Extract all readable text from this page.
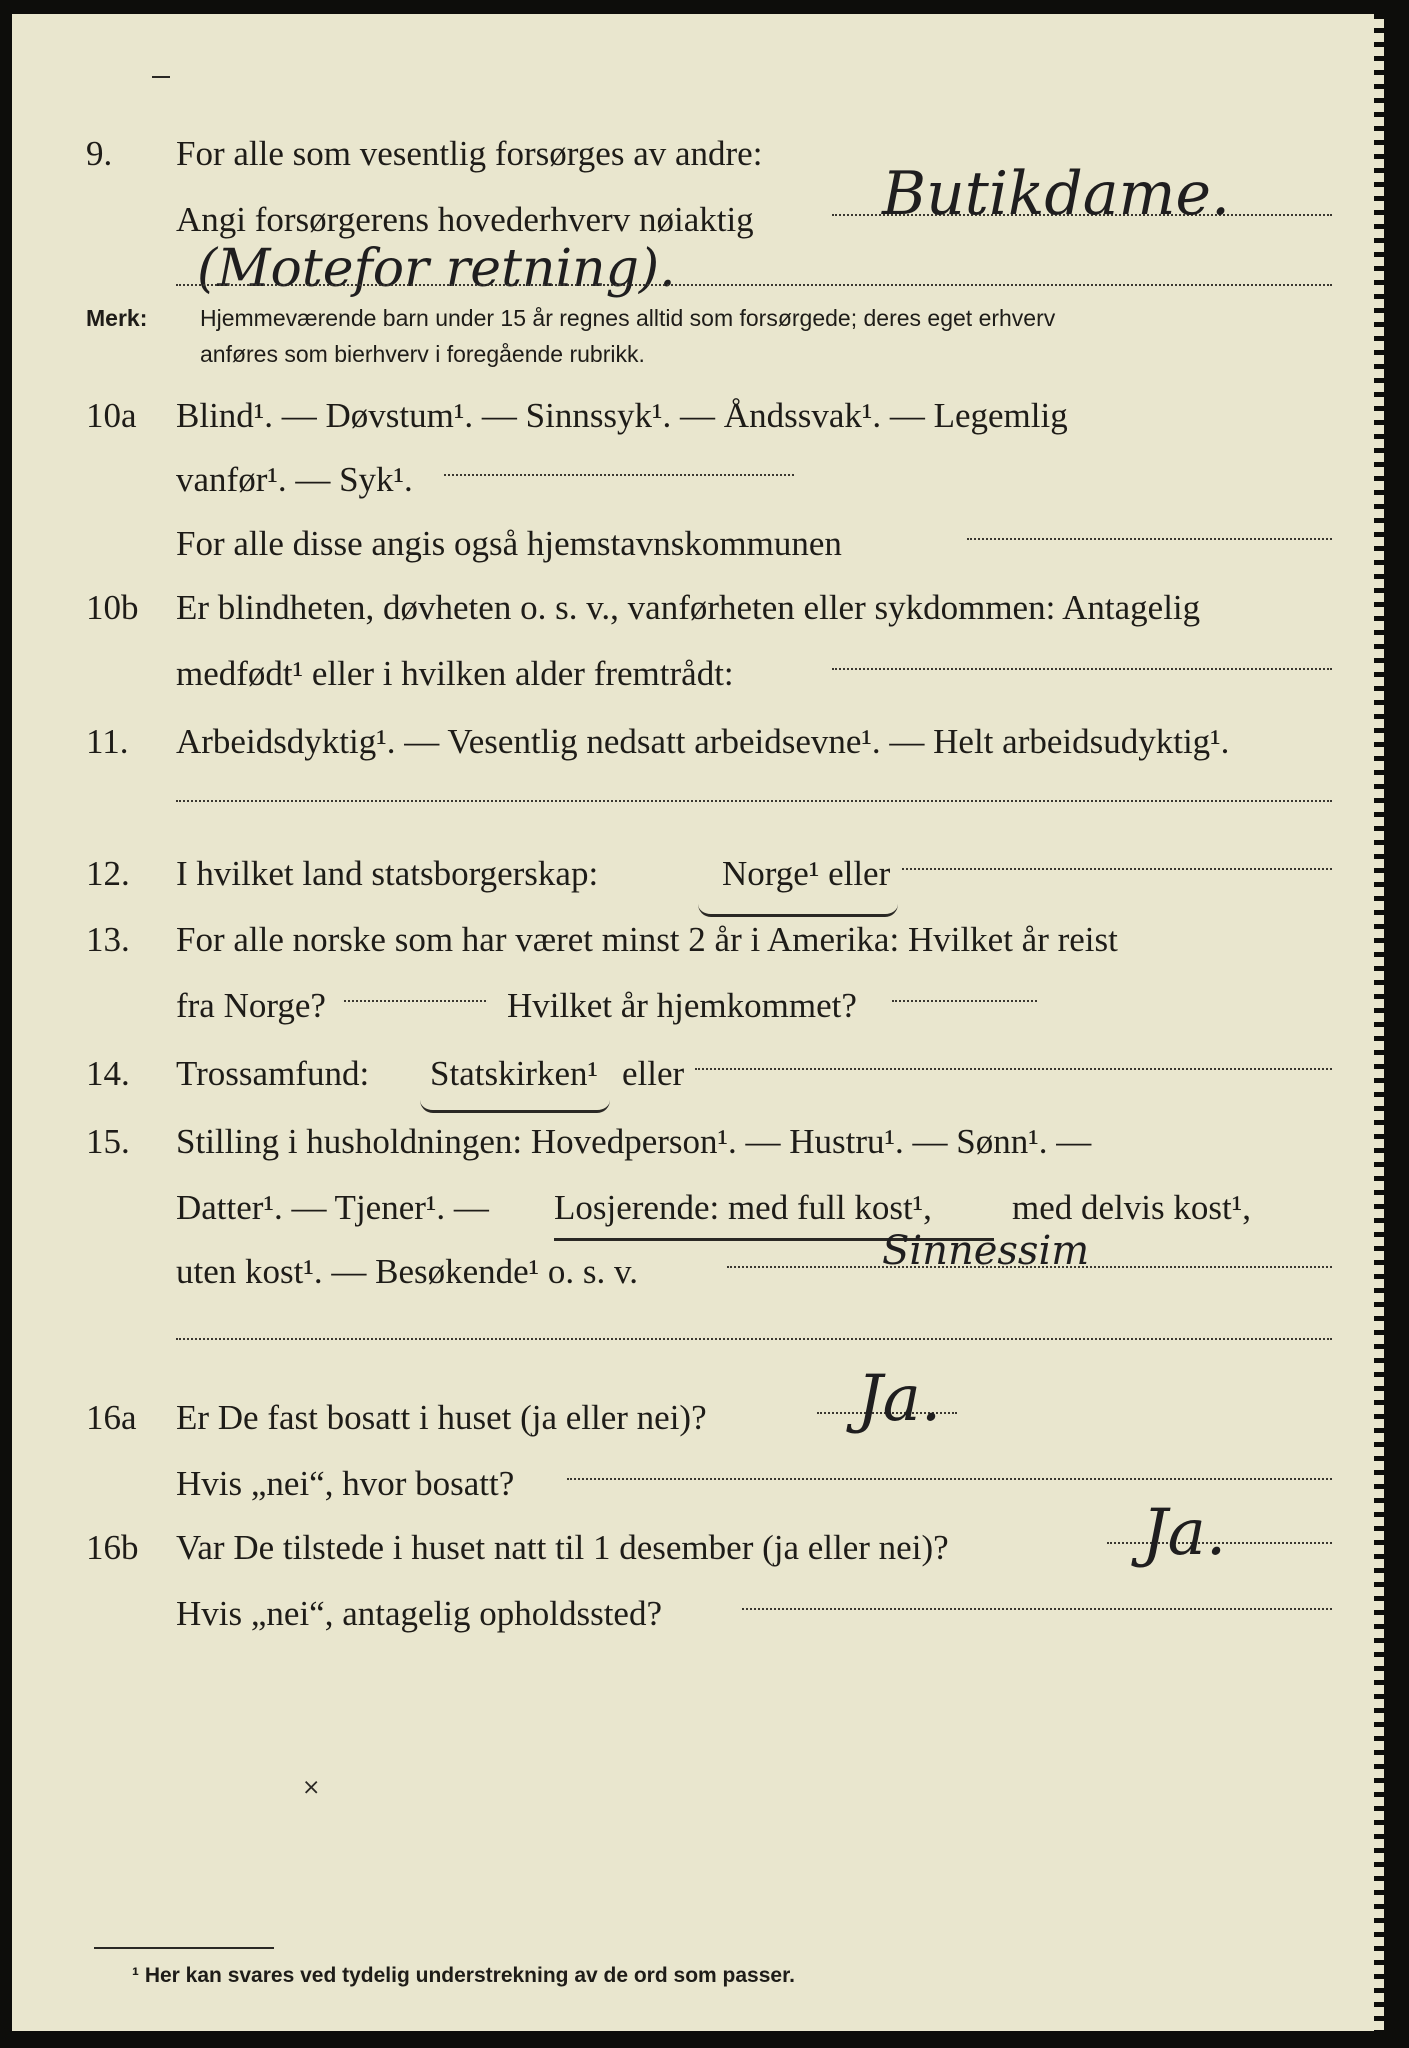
9. For alle som vesentlig forsørges av andre:
Angi forsørgerens hovederhverv nøiaktig Butikdame.
(Motefor retning).
Merk: Hjemmeværende barn under 15 år regnes alltid som forsørgede; deres eget erhverv
anføres som bierhverv i foregående rubrikk.
10a Blind¹. — Døvstum¹. — Sinnssyk¹. — Åndssvak¹. — Legemlig
vanfør¹. — Syk¹.
For alle disse angis også hjemstavnskommunen
10b Er blindheten, døvheten o. s. v., vanførheten eller sykdommen: Antagelig
medfødt¹ eller i hvilken alder fremtrådt:
11. Arbeidsdyktig¹. — Vesentlig nedsatt arbeidsevne¹. — Helt arbeidsudyktig¹.
12. I hvilket land statsborgerskap:	Norge¹ eller
13. For alle norske som har været minst 2 år i Amerika: Hvilket år reist
fra Norge?	Hvilket år hjemkommet?
14. Trossamfund: Statskirken¹ eller
15. Stilling i husholdningen: Hovedperson¹. — Hustru¹. — Sønn¹. —
Datter¹. — Tjener¹. — Losjerende: med full kost¹, med delvis kost¹,
uten kost¹. — Besøkende¹ o. s. v.	Sinnessim
16a Er De fast bosatt i huset (ja eller nei)? Ja.
Hvis „nei“, hvor bosatt?
16b Var De tilstede i huset natt til 1 desember (ja eller nei)?	Ja.
Hvis „nei“, antagelig opholdssted?
⨯
¹ Her kan svares ved tydelig understrekning av de ord som passer.
